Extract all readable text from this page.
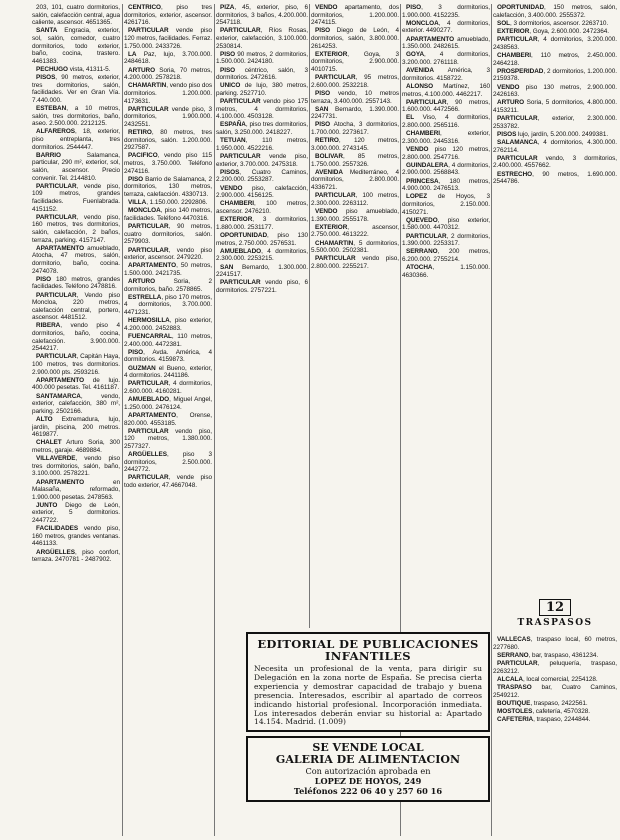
203, 101, cuatro dormitorios, salón, calefacción central, agua caliente, ascensor. 4651365.

SANTA Engracia, exterior, sol, salón, comedor, cuatro dormitorios, todo exterior, baño, cocina, trastero. 4461383.

PECHUGO vista, 41311-5.

PISOS, 90 metros, exterior, tres dormitorios, salón, facilidades. Ver en Gran Vía. 7.440.000.

ESTEBAN, a 10 metros, salón, tres dormitorios, baño, aseo. 2.500.000. 2212125.

ALFAREROS, 18, exterior, piso entreplanta, tres dormitorios. 2544447.

BARRIO Salamanca, particular, 290 m², exterior, sol, salón, ascensor. Precio convenir. Tel. 2144810.

PARTICULAR, vende piso, 109 metros, grandes facilidades. Fuenlabrada. 4151152.

PARTICULAR, vendo piso, 160 metros, tres dormitorios, salón, calefacción, 2 baños, terraza, parking. 4157147.

APARTAMENTO amueblado, Atocha, 47 metros, salón, dormitorio, baño, cocina. 2474078.

PISO 180 metros, grandes facilidades. Teléfono 2478816.

PARTICULAR, Vendo piso Moncloa, 220 metros, calefacción central, portero, ascensor. 4481512.

RIBERA, vendo piso 4 dormitorios, baño, cocina, calefacción. 3.900.000. 2544217.

PARTICULAR, Capitán Haya, 100 metros, tres dormitorios. 2.900.000 pts. 2593216.

APARTAMENTO de lujo. 400.000 pesetas. Tel. 4161187.

SANTAMARCA, vendo, exterior, calefacción, 380 m², parking. 2502166.

ALTO Extremadura, lujo, jardín, piscina, 200 metros. 4619877.

CHALET Arturo Soria, 300 metros, garaje. 4689884.

VILLAVERDE, vendo piso tres dormitorios, salón, baño, 3.100.000. 2578221.

APARTAMENTO en Malasaña, reformado, 1.900.000 pesetas. 2478563.

JUNTO Diego de León, exterior, 5 dormitorios. 2447722.

FACILIDADES vendo piso, 160 metros, grandes ventanas. 4461133.

ARGÜELLES, piso confort, terraza. 2470781 - 2487902.

CENTRICO, piso tres dormitorios, exterior, ascensor. 4261716.

PARTICULAR vende piso 120 metros, facilidades. Ferraz. 1.750.000. 2433726.

LA Paz, lujo, 3.700.000. 2484618.

ARTURO Soria, 70 metros, 4.200.000. 2578218.

CHAMARTIN, vendo piso dos dormitorios. 1.200.000. 4173631.

PARTICULAR vende piso, 3 dormitorios, 1.900.000. 2432551.

RETIRO, 80 metros, tres dormitorios, salón. 1.200.000. 2927587.

PACIFICO, vendo piso 115 metros, 3.750.000. Teléfono 2474116.

PISO Barrio de Salamanca, 2 dormitorios, 130 metros, terraza, calefacción. 4330713.

VILLA, 1.150.000. 2292806.

MONCLOA, piso 140 metros, facilidades. Teléfono 4470316.

PARTICULAR, 90 metros, cuatro dormitorios, salón. 2579903.

PARTICULAR, vendo piso exterior, ascensor. 2479220.

APARTAMENTO, 50 metros, 1.500.000. 2421735.

ARTURO Soria, 2 dormitorios, baño. 2578865.

ESTRELLA, piso 170 metros, 4 dormitorios, 3.700.000. 4471231.

HERMOSILLA, piso exterior, 4.200.000. 2452883.

FUENCARRAL, 110 metros, 2.400.000. 4472381.

PISO, Avda. América, 4 dormitorios. 4159873.

GUZMAN el Bueno, exterior, 4 dormitorios. 2441186.

PARTICULAR, 4 dormitorios, 2.600.000. 4160281.

AMUEBLADO, Miguel Angel, 1.250.000. 2476124.

APARTAMENTO, Orense, 820.000. 4553185.

PARTICULAR vendo piso, 120 metros, 1.380.000. 2577327.

ARGÜELLES, piso 3 dormitorios, 2.500.000. 2442772.

PARTICULAR, vende piso todo exterior, 47.4667048.

PIZA, 45, exterior, piso, 6 dormitorios, 3 baños, 4.200.000. 2547118.

PARTICULAR, Ríos Rosas, exterior, calefacción, 3.100.000. 2530814.

PISO 90 metros, 2 dormitorios, 1.500.000. 2424180.

PISO céntrico, salón, 3 dormitorios. 2472616.

UNICO de lujo, 380 metros, parking. 2527710.

PARTICULAR vendo piso 175 metros, 4 dormitorios, 4.100.000. 4503128.

ESPAÑA, piso tres dormitorios, salón, 3.250.000. 2418227.

TETUAN, 110 metros, 1.950.000. 4522216.

PARTICULAR vende piso, exterior, 3.700.000. 2475318.

PISOS, Cuatro Caminos, 2.200.000. 2553287.

VENDO piso, calefacción, 2.900.000. 4156125.

CHAMBERI, 100 metros, ascensor. 2476210.

EXTERIOR, 3 dormitorios, 1.880.000. 2531177.

OPORTUNIDAD, piso 130 metros, 2.750.000. 2576531.

AMUEBLADO, 4 dormitorios, 2.300.000. 2253215.

SAN Bernardo, 1.300.000. 2241517.

PARTICULAR vendo piso, 6 dormitorios. 2757221.

VENDO apartamento, dos dormitorios, 1.200.000. 2474115.

PISO Diego de León, 4 dormitorios, salón, 3.800.000. 2614253.

EXTERIOR, Goya, 3 dormitorios, 2.900.000. 4010715.

PARTICULAR, 95 metros, 2.600.000. 2532218.

PISO vendo, 10 metros terraza, 3.400.000. 2557143.

SAN Bernardo, 1.390.000. 2247731.

PISO Atocha, 3 dormitorios, 1.700.000. 2273617.

RETIRO, 120 metros, 3.000.000. 2743145.

BOLIVAR, 85 metros, 1.750.000. 2557326.

AVENIDA Mediterráneo, 4 dormitorios, 2.800.000. 4336721.

PARTICULAR, 100 metros, 2.300.000. 2263112.

VENDO piso amueblado, 1.390.000. 2555178.

EXTERIOR, ascensor, 2.750.000. 4613222.

CHAMARTIN, 5 dormitorios, 5.500.000. 2502381.

PARTICULAR vendo piso, 2.800.000. 2255217.

PISO, 3 dormitorios, 1.900.000. 4152235.

MONCLOA, 4 dormitorios, exterior. 4490277.

APARTAMENTO amueblado, 1.350.000. 2482615.

GOYA, 4 dormitorios, 3.200.000. 2761118.

AVENIDA América, 3 dormitorios. 4158722.

ALONSO Martínez, 160 metros, 4.100.000. 4462217.

PARTICULAR, 90 metros, 1.600.000. 4472566.

EL Viso, 4 dormitorios, 2.800.000. 2565116.

CHAMBERI, exterior, 2.300.000. 2445316.

VENDO piso 120 metros, 2.800.000. 2547716.

GUINDALERA, 4 dormitorios, 2.900.000. 2568843.

PRINCESA, 180 metros, 4.900.000. 2476513.

LOPEZ de Hoyos, 3 dormitorios, 2.150.000. 4150271.

QUEVEDO, piso exterior, 1.580.000. 4470312.

PARTICULAR, 2 dormitorios, 1.390.000. 2253317.

SERRANO, 200 metros, 6.200.000. 2755214.

ATOCHA, 1.150.000. 4630366.

OPORTUNIDAD, 150 metros, salón, calefacción, 3.400.000. 2555372.

SOL, 3 dormitorios, ascensor. 2263710.

EXTERIOR, Goya, 2.600.000. 2472364.

PARTICULAR, 4 dormitorios, 3.200.000. 2438563.

CHAMBERI, 110 metros, 2.450.000. 2464218.

PROSPERIDAD, 2 dormitorios, 1.200.000. 2159378.

VENDO piso 130 metros, 2.900.000. 2426163.

ARTURO Soria, 5 dormitorios, 4.800.000. 4153211.

PARTICULAR, exterior, 2.300.000. 2533782.

PISOS lujo, jardín, 5.200.000. 2499381.

SALAMANCA, 4 dormitorios, 4.300.000. 2762114.

PARTICULAR vendo, 3 dormitorios, 2.400.000. 4557662.

ESTRECHO, 90 metros, 1.690.000. 2544786.

12
TRASPASOS

VALLECAS, traspaso local, 60 metros, 2277680.

SERRANO, bar, traspaso, 4361234.

PARTICULAR, peluquería, traspaso, 2263212.

ALCALA, local comercial, 2254128.

TRASPASO bar, Cuatro Caminos, 2549212.

BOUTIQUE, traspaso, 2422561.

MOSTOLES, cafetería, 4570328.

CAFETERIA, traspaso, 2244844.

EDITORIAL DE PUBLICACIONES
INFANTILES
Necesita un profesional de la venta, para dirigir su Delegación en la zona norte de España. Se precisa cierta experiencia y demostrar capacidad de trabajo y buena presencia. Interesados, escribir al apartado de correos indicando historial profesional. Incorporación inmediata. Los interesados deberán enviar su historial a: Apartado 14.154. Madrid. (1.009)
SE VENDE LOCAL
GALERIA DE ALIMENTACION
Con autorización aprobada en
LOPEZ DE HOYOS, 249
Teléfonos 222 06 40 y 257 60 16
